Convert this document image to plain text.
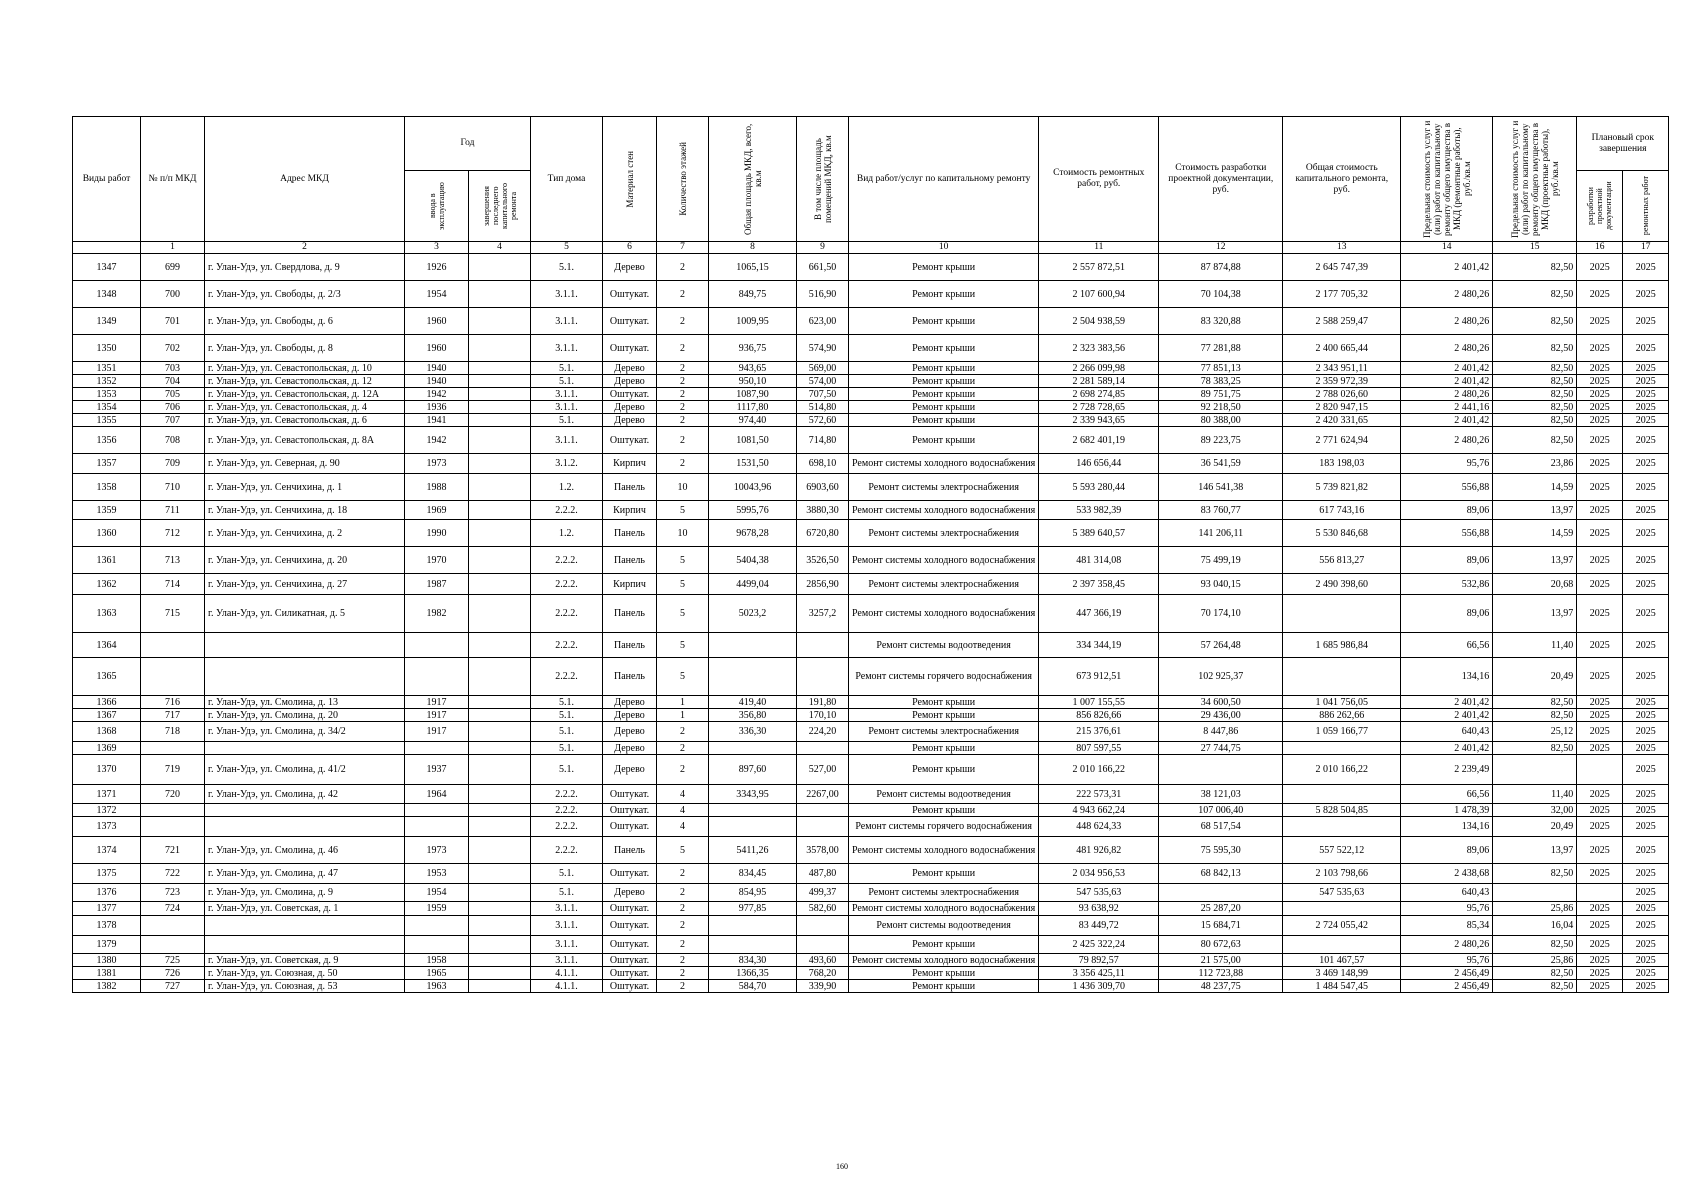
Виды работ	№ п/п МКД	Адрес МКД	Год		Тип дома	Материал стен	Количество этажей	Общая площадь МКД, всего, кв.м	В том числе площадь помещений МКД, кв.м	Вид работ/услуг по капитальному ремонту	Стоимость ремонтных работ, руб.	Стоимость разработки проектной документации, руб.	Общая стоимость капитального ремонта, руб.	Предельная стоимость услуг и (или) работ по капитальному ремонту общего имущества в МКД (ремонтные работы), руб./кв.м	Предельная стоимость услуг и (или) работ по капитальному ремонту общего имущества в МКД (проектные работы), руб./кв.м	Плановый срок завершения	

			ввода в эксплуатацию	завершения последнего капитального ремонта												разработки проектной документации	ремонтных работ

	1	2	3	4	5	6	7	8	9	10	11	12	13	14	15	16	17
1347	699	г. Улан-Удэ, ул. Свердлова, д. 9	1926		5.1.	Дерево	2	1065,15	661,50	Ремонт крыши	2 557 872,51	87 874,88	2 645 747,39	2 401,42	82,50	2025	2025
1348	700	г. Улан-Удэ, ул. Свободы, д. 2/3	1954		3.1.1.	Оштукат.	2	849,75	516,90	Ремонт крыши	2 107 600,94	70 104,38	2 177 705,32	2 480,26	82,50	2025	2025
1349	701	г. Улан-Удэ, ул. Свободы, д. 6	1960		3.1.1.	Оштукат.	2	1009,95	623,00	Ремонт крыши	2 504 938,59	83 320,88	2 588 259,47	2 480,26	82,50	2025	2025
1350	702	г. Улан-Удэ, ул. Свободы, д. 8	1960		3.1.1.	Оштукат.	2	936,75	574,90	Ремонт крыши	2 323 383,56	77 281,88	2 400 665,44	2 480,26	82,50	2025	2025
1351	703	г. Улан-Удэ, ул. Севастопольская, д. 10	1940		5.1.	Дерево	2	943,65	569,00	Ремонт крыши	2 266 099,98	77 851,13	2 343 951,11	2 401,42	82,50	2025	2025
1352	704	г. Улан-Удэ, ул. Севастопольская, д. 12	1940		5.1.	Дерево	2	950,10	574,00	Ремонт крыши	2 281 589,14	78 383,25	2 359 972,39	2 401,42	82,50	2025	2025
1353	705	г. Улан-Удэ, ул. Севастопольская, д. 12А	1942		3.1.1.	Оштукат.	2	1087,90	707,50	Ремонт крыши	2 698 274,85	89 751,75	2 788 026,60	2 480,26	82,50	2025	2025
1354	706	г. Улан-Удэ, ул. Севастопольская, д. 4	1936		3.1.1.	Дерево	2	1117,80	514,80	Ремонт крыши	2 728 728,65	92 218,50	2 820 947,15	2 441,16	82,50	2025	2025
1355	707	г. Улан-Удэ, ул. Севастопольская, д. 6	1941		5.1.	Дерево	2	974,40	572,60	Ремонт крыши	2 339 943,65	80 388,00	2 420 331,65	2 401,42	82,50	2025	2025
1356	708	г. Улан-Удэ, ул. Севастопольская, д. 8А	1942		3.1.1.	Оштукат.	2	1081,50	714,80	Ремонт крыши	2 682 401,19	89 223,75	2 771 624,94	2 480,26	82,50	2025	2025
1357	709	г. Улан-Удэ, ул. Северная, д. 90	1973		3.1.2.	Кирпич	2	1531,50	698,10	Ремонт системы холодного водоснабжения	146 656,44	36 541,59	183 198,03	95,76	23,86	2025	2025
1358	710	г. Улан-Удэ, ул. Сенчихина, д. 1	1988		1.2.	Панель	10	10043,96	6903,60	Ремонт системы электроснабжения	5 593 280,44	146 541,38	5 739 821,82	556,88	14,59	2025	2025
1359	711	г. Улан-Удэ, ул. Сенчихина, д. 18	1969		2.2.2.	Кирпич	5	5995,76	3880,30	Ремонт системы холодного водоснабжения	533 982,39	83 760,77	617 743,16	89,06	13,97	2025	2025
1360	712	г. Улан-Удэ, ул. Сенчихина, д. 2	1990		1.2.	Панель	10	9678,28	6720,80	Ремонт системы электроснабжения	5 389 640,57	141 206,11	5 530 846,68	556,88	14,59	2025	2025
1361	713	г. Улан-Удэ, ул. Сенчихина, д. 20	1970		2.2.2.	Панель	5	5404,38	3526,50	Ремонт системы холодного водоснабжения	481 314,08	75 499,19	556 813,27	89,06	13,97	2025	2025
1362	714	г. Улан-Удэ, ул. Сенчихина, д. 27	1987		2.2.2.	Кирпич	5	4499,04	2856,90	Ремонт системы электроснабжения	2 397 358,45	93 040,15	2 490 398,60	532,86	20,68	2025	2025
1363	715	г. Улан-Удэ, ул. Силикатная, д. 5	1982		2.2.2.	Панель	5	5023,2	3257,2	Ремонт системы холодного водоснабжения	447 366,19	70 174,10		89,06	13,97	2025	2025
1364					2.2.2.	Панель	5			Ремонт системы водоотведения	334 344,19	57 264,48	1 685 986,84	66,56	11,40	2025	2025
1365					2.2.2.	Панель	5			Ремонт системы горячего водоснабжения	673 912,51	102 925,37		134,16	20,49	2025	2025
1366	716	г. Улан-Удэ, ул. Смолина, д. 13	1917		5.1.	Дерево	1	419,40	191,80	Ремонт крыши	1 007 155,55	34 600,50	1 041 756,05	2 401,42	82,50	2025	2025
1367	717	г. Улан-Удэ, ул. Смолина, д. 20	1917		5.1.	Дерево	1	356,80	170,10	Ремонт крыши	856 826,66	29 436,00	886 262,66	2 401,42	82,50	2025	2025
1368	718	г. Улан-Удэ, ул. Смолина, д. 34/2	1917		5.1.	Дерево	2	336,30	224,20	Ремонт системы электроснабжения	215 376,61	8 447,86	1 059 166,77	640,43	25,12	2025	2025
1369					5.1.	Дерево	2			Ремонт крыши	807 597,55	27 744,75		2 401,42	82,50	2025	2025
1370	719	г. Улан-Удэ, ул. Смолина, д. 41/2	1937		5.1.	Дерево	2	897,60	527,00	Ремонт крыши	2 010 166,22		2 010 166,22	2 239,49			2025
1371	720	г. Улан-Удэ, ул. Смолина, д. 42	1964		2.2.2.	Оштукат.	4	3343,95	2267,00	Ремонт системы водоотведения	222 573,31	38 121,03		66,56	11,40	2025	2025
1372					2.2.2.	Оштукат.	4			Ремонт крыши	4 943 662,24	107 006,40	5 828 504,85	1 478,39	32,00	2025	2025
1373					2.2.2.	Оштукат.	4			Ремонт системы горячего водоснабжения	448 624,33	68 517,54		134,16	20,49	2025	2025
1374	721	г. Улан-Удэ, ул. Смолина, д. 46	1973		2.2.2.	Панель	5	5411,26	3578,00	Ремонт системы холодного водоснабжения	481 926,82	75 595,30	557 522,12	89,06	13,97	2025	2025
1375	722	г. Улан-Удэ, ул. Смолина, д. 47	1953		5.1.	Оштукат.	2	834,45	487,80	Ремонт крыши	2 034 956,53	68 842,13	2 103 798,66	2 438,68	82,50	2025	2025
1376	723	г. Улан-Удэ, ул. Смолина, д. 9	1954		5.1.	Дерево	2	854,95	499,37	Ремонт системы электроснабжения	547 535,63		547 535,63	640,43			2025
1377	724	г. Улан-Удэ, ул. Советская, д. 1	1959		3.1.1.	Оштукат.	2	977,85	582,60	Ремонт системы холодного водоснабжения	93 638,92	25 287,20		95,76	25,86	2025	2025
1378					3.1.1.	Оштукат.	2			Ремонт системы водоотведения	83 449,72	15 684,71	2 724 055,42	85,34	16,04	2025	2025
1379					3.1.1.	Оштукат.	2			Ремонт крыши	2 425 322,24	80 672,63		2 480,26	82,50	2025	2025
1380	725	г. Улан-Удэ, ул. Советская, д. 9	1958		3.1.1.	Оштукат.	2	834,30	493,60	Ремонт системы холодного водоснабжения	79 892,57	21 575,00	101 467,57	95,76	25,86	2025	2025
1381	726	г. Улан-Удэ, ул. Союзная, д. 50	1965		4.1.1.	Оштукат.	2	1366,35	768,20	Ремонт крыши	3 356 425,11	112 723,88	3 469 148,99	2 456,49	82,50	2025	2025
1382	727	г. Улан-Удэ, ул. Союзная, д. 53	1963		4.1.1.	Оштукат.	2	584,70	339,90	Ремонт крыши	1 436 309,70	48 237,75	1 484 547,45	2 456,49	82,50	2025	2025
160
